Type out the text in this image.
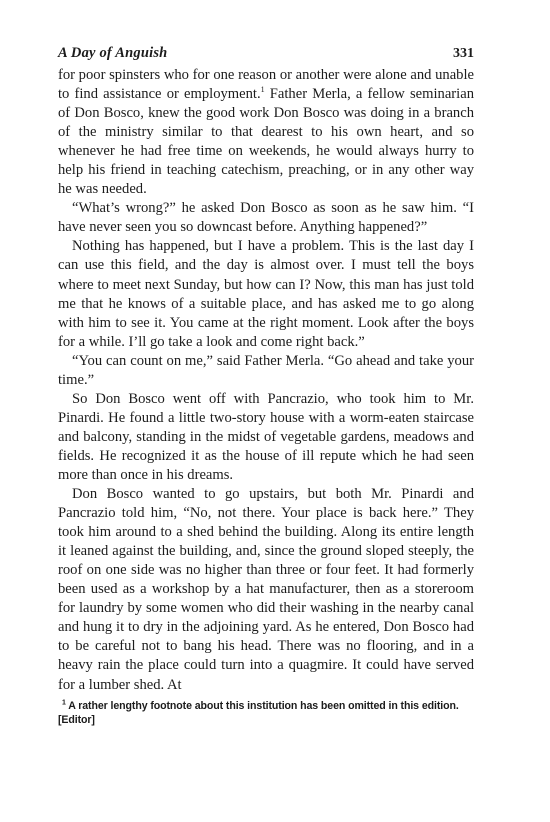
A Day of Anguish	331

for poor spinsters who for one reason or another were alone and unable to find assistance or employment.$^1$ Father Merla, a fellow seminarian of Don Bosco, knew the good work Don Bosco was doing in a branch of the ministry similar to that dearest to his own heart, and so whenever he had free time on weekends, he would always hurry to help his friend in teaching catechism, preaching, or in any other way he was needed.

“What’s wrong?” he asked Don Bosco as soon as he saw him. “I have never seen you so downcast before. Anything happened?”

Nothing has happened, but I have a problem. This is the last day I can use this field, and the day is almost over. I must tell the boys where to meet next Sunday, but how can I? Now, this man has just told me that he knows of a suitable place, and has asked me to go along with him to see it. You came at the right moment. Look after the boys for a while. I’ll go take a look and come right back.”

“You can count on me,” said Father Merla. “Go ahead and take your time.”

So Don Bosco went off with Pancrazio, who took him to Mr. Pinardi. He found a little two-story house with a worm-eaten staircase and balcony, standing in the midst of vegetable gardens, meadows and fields. He recognized it as the house of ill repute which he had seen more than once in his dreams.

Don Bosco wanted to go upstairs, but both Mr. Pinardi and Pancrazio told him, “No, not there. Your place is back here.” They took him around to a shed behind the building. Along its entire length it leaned against the building, and, since the ground sloped steeply, the roof on one side was no higher than three or four feet. It had formerly been used as a workshop by a hat manufacturer, then as a storeroom for laundry by some women who did their washing in the nearby canal and hung it to dry in the adjoining yard. As he entered, Don Bosco had to be careful not to bang his head. There was no flooring, and in a heavy rain the place could turn into a quagmire. It could have served for a lumber shed. At

$^1$ A rather lengthy footnote about this institution has been omitted in this edition. [Editor]
